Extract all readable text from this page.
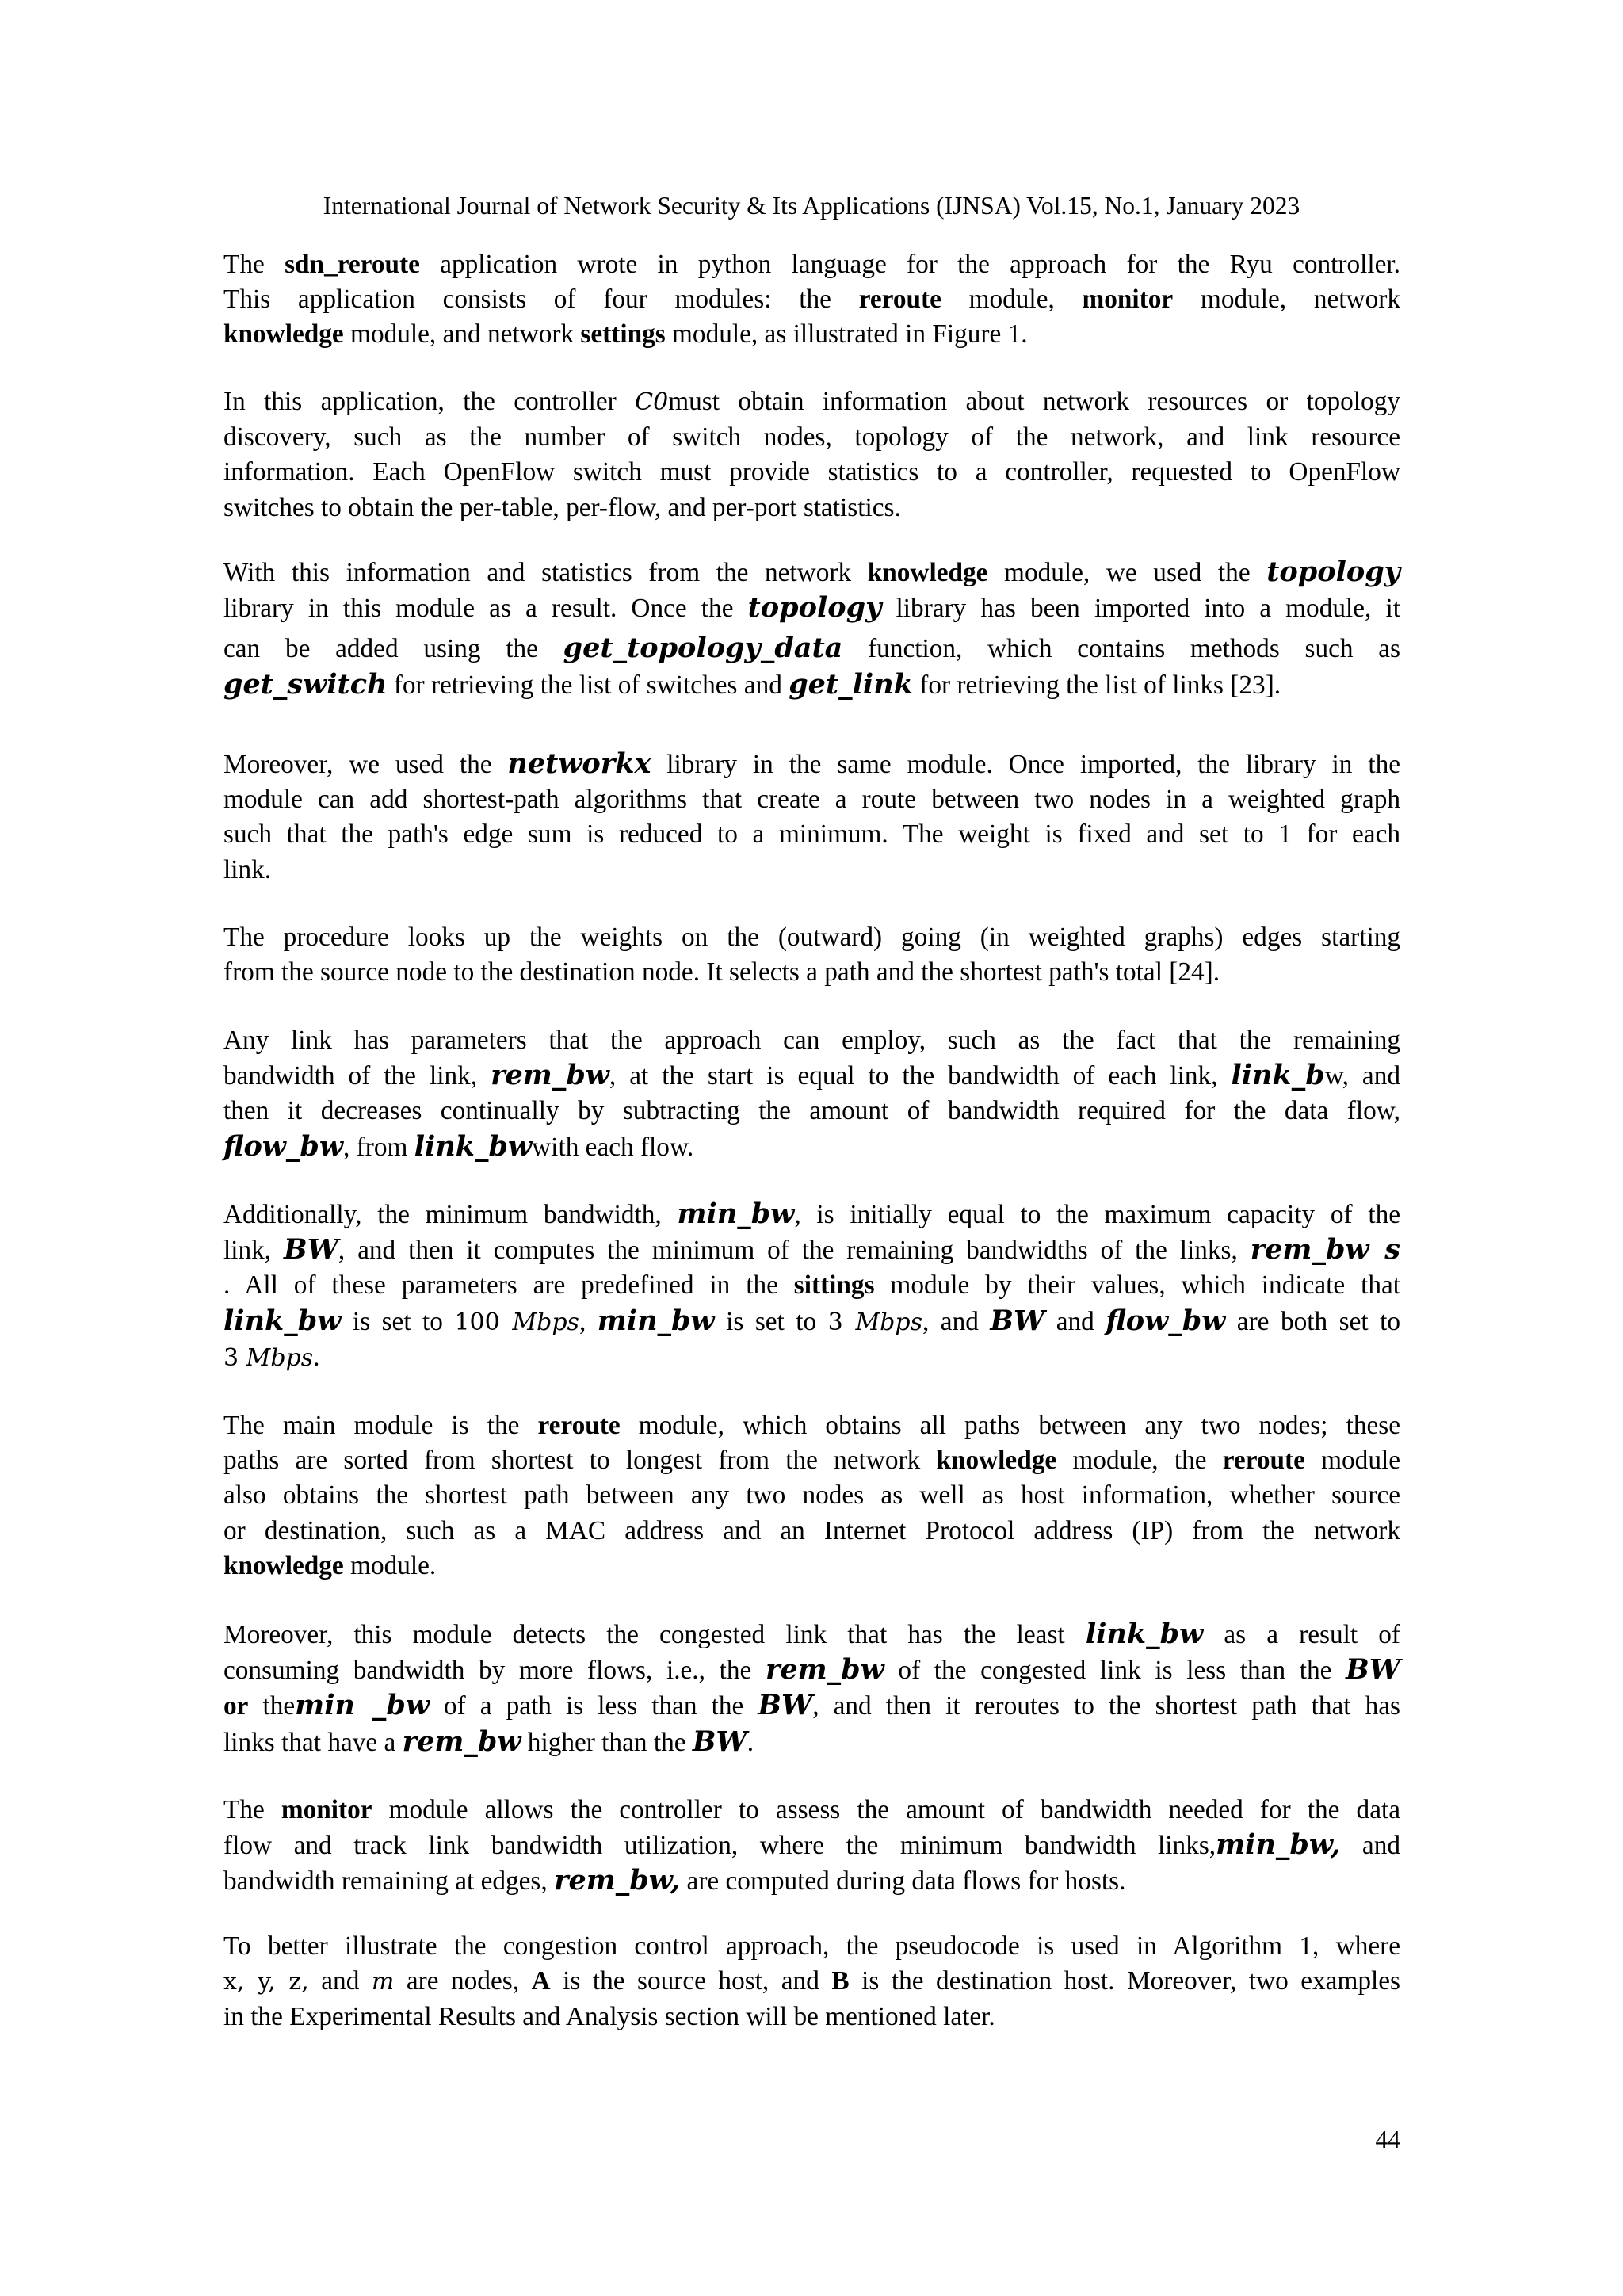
International Journal of Network Security & Its Applications (IJNSA) Vol.15, No.1, January 2023
The sdn_reroute application wrote in python language for the approach for the Ryu controller.
This application consists of four modules: the reroute module, monitor module, network
knowledge module, and network settings module, as illustrated in Figure 1.
In this application, the controller C0must obtain information about network resources or topology
discovery, such as the number of switch nodes, topology of the network, and link resource
information. Each OpenFlow switch must provide statistics to a controller, requested to OpenFlow
switches to obtain the per-table, per-flow, and per-port statistics.
With this information and statistics from the network knowledge module, we used the topology
library in this module as a result. Once the topology library has been imported into a module, it
can be added using the get_topology_data function, which contains methods such as
get_switch for retrieving the list of switches and get_link for retrieving the list of links [23].
Moreover, we used the networkx library in the same module. Once imported, the library in the
module can add shortest-path algorithms that create a route between two nodes in a weighted graph
such that the path's edge sum is reduced to a minimum. The weight is fixed and set to 1 for each
link.
The procedure looks up the weights on the (outward) going (in weighted graphs) edges starting
from the source node to the destination node. It selects a path and the shortest path's total [24].
Any link has parameters that the approach can employ, such as the fact that the remaining
bandwidth of the link, rem_bw, at the start is equal to the bandwidth of each link, link_bw, and
then it decreases continually by subtracting the amount of bandwidth required for the data flow,
flow_bw, from link_bwwith each flow.
Additionally, the minimum bandwidth, min_bw, is initially equal to the maximum capacity of the
link, BW, and then it computes the minimum of the remaining bandwidths of the links, rem_bw s
. All of these parameters are predefined in the sittings module by their values, which indicate that
link_bw is set to 100 Mbps, min_bw is set to 3 Mbps, and BW and flow_bw are both set to
3 Mbps.
The main module is the reroute module, which obtains all paths between any two nodes; these
paths are sorted from shortest to longest from the network knowledge module, the reroute module
also obtains the shortest path between any two nodes as well as host information, whether source
or destination, such as a MAC address and an Internet Protocol address (IP) from the network
knowledge module.
Moreover, this module detects the congested link that has the least link_bw as a result of
consuming bandwidth by more flows, i.e., the rem_bw of the congested link is less than the BW
or themin _bw of a path is less than the BW, and then it reroutes to the shortest path that has
links that have a rem_bw higher than the BW.
The monitor module allows the controller to assess the amount of bandwidth needed for the data
flow and track link bandwidth utilization, where the minimum bandwidth links,min_bw, and
bandwidth remaining at edges, rem_bw, are computed during data flows for hosts.
To better illustrate the congestion control approach, the pseudocode is used in Algorithm 1, where
x, y, z, and m are nodes, A is the source host, and B is the destination host. Moreover, two examples
in the Experimental Results and Analysis section will be mentioned later.
44
